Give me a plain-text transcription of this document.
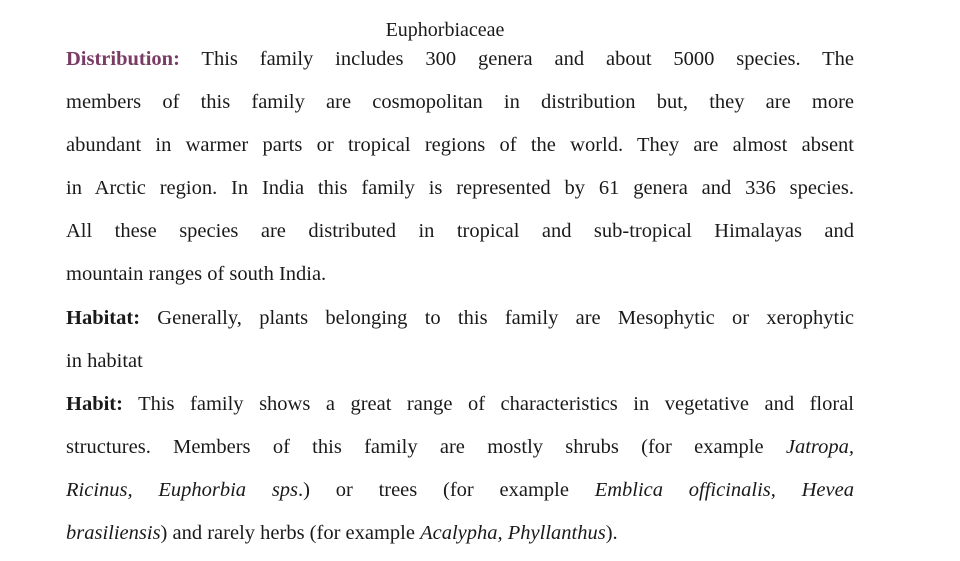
Euphorbiaceae
Distribution: This family includes 300 genera and about 5000 species. The
members of this family are cosmopolitan in distribution but, they are more
abundant in warmer parts or tropical regions of the world. They are almost absent
in Arctic region. In India this family is represented by 61 genera and 336 species.
All these species are distributed in tropical and sub-tropical Himalayas and
mountain ranges of south India.
Habitat: Generally, plants belonging to this family are Mesophytic or xerophytic
in habitat
Habit: This family shows a great range of characteristics in vegetative and floral
structures. Members of this family are mostly shrubs (for example Jatropa,
Ricinus, Euphorbia sps.) or trees (for example Emblica officinalis, Hevea
brasiliensis) and rarely herbs (for example Acalypha, Phyllanthus).
